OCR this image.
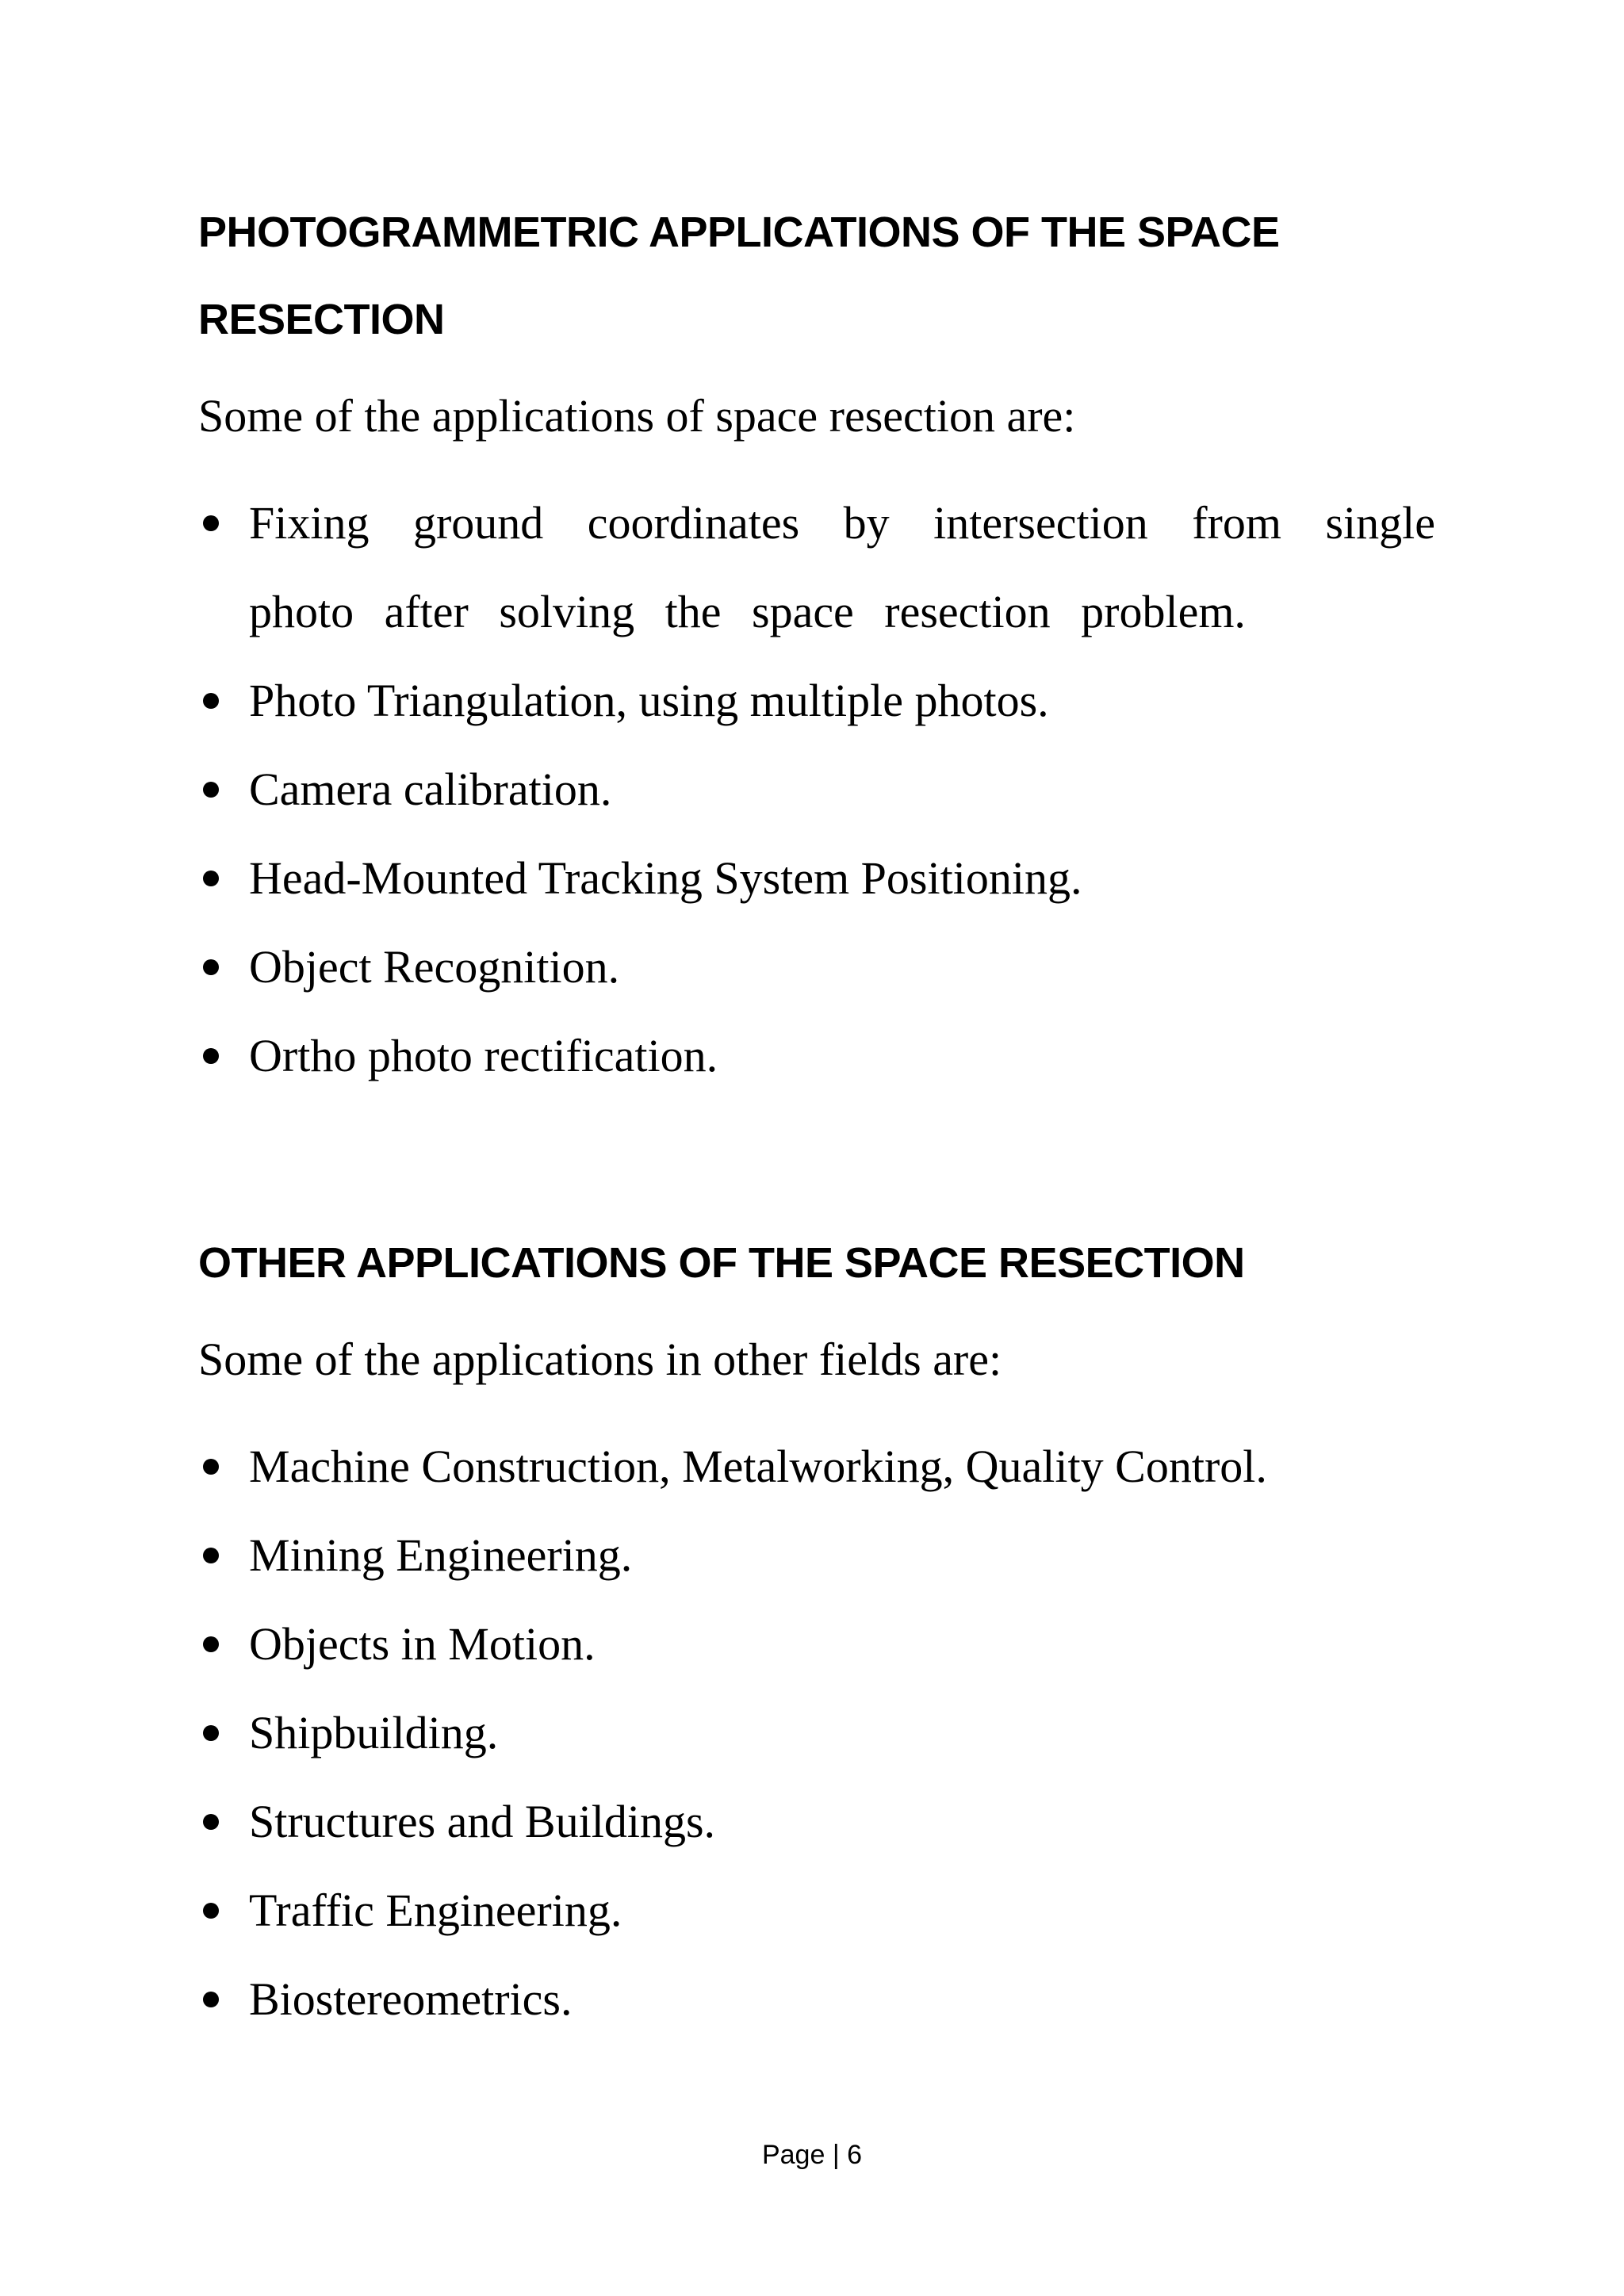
PHOTOGRAMMETRIC APPLICATIONS OF THE SPACE RESECTION

Some of the applications of space resection are:

Fixing ground coordinates by intersection from single photo after solving the space resection problem.
Photo Triangulation, using multiple photos.
Camera calibration.
Head-Mounted Tracking System Positioning.
Object Recognition.
Ortho photo rectification.
OTHER APPLICATIONS OF THE SPACE RESECTION

Some of the applications in other fields are:

Machine Construction, Metalworking, Quality Control.
Mining Engineering.
Objects in Motion.
Shipbuilding.
Structures and Buildings.
Traffic Engineering.
Biostereometrics.
Page | 6
